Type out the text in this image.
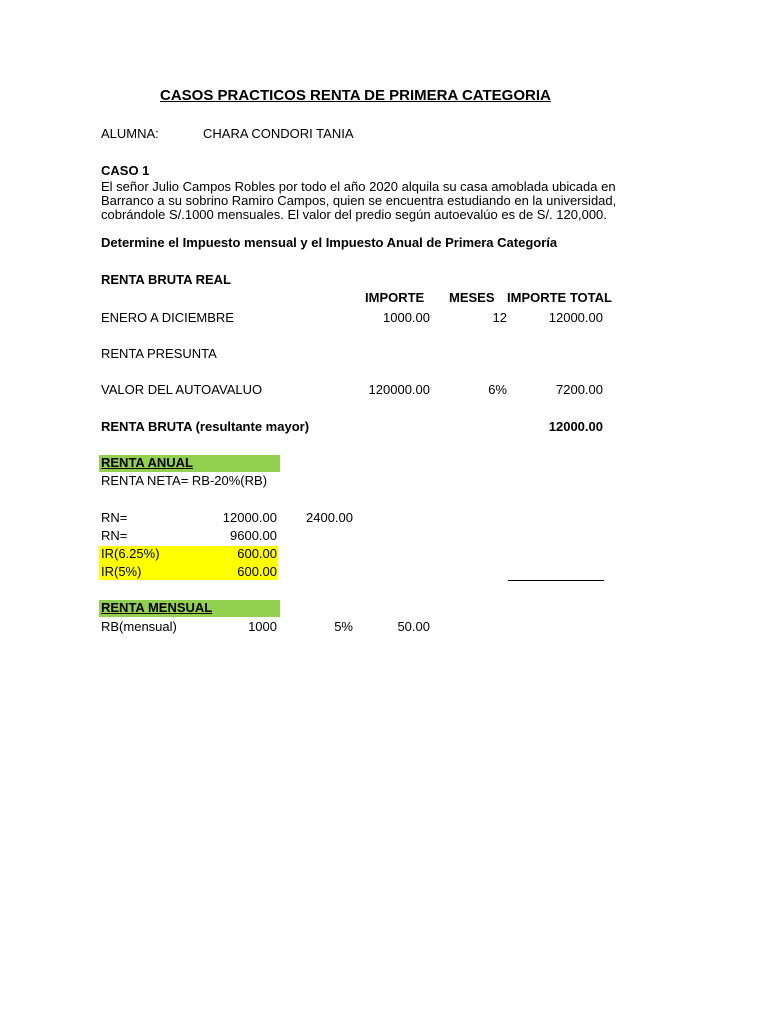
CASOS PRACTICOS RENTA DE PRIMERA CATEGORIA
ALUMNA:	CHARA CONDORI TANIA
CASO 1
El señor Julio Campos Robles por todo el año 2020 alquila su casa amoblada ubicada en Barranco a su sobrino Ramiro Campos, quien se encuentra estudiando en la universidad, cobrándole S/.1000 mensuales. El valor del predio según autoevalúo es de S/. 120,000.
Determine el Impuesto mensual y el Impuesto Anual de Primera Categoría
RENTA BRUTA REAL
IMPORTE MESES IMPORTE TOTAL
ENERO A DICIEMBRE	1000.00	12	12000.00
RENTA PRESUNTA
VALOR DEL AUTOAVALUO	120000.00	6%	7200.00
RENTA BRUTA (resultante mayor)	12000.00
RENTA ANUAL
RENTA NETA= RB-20%(RB)
RN=	12000.00	2400.00
RN=	9600.00
IR(6.25%)	600.00
IR(5%)	600.00
RENTA MENSUAL
RB(mensual)	1000	5%	50.00
